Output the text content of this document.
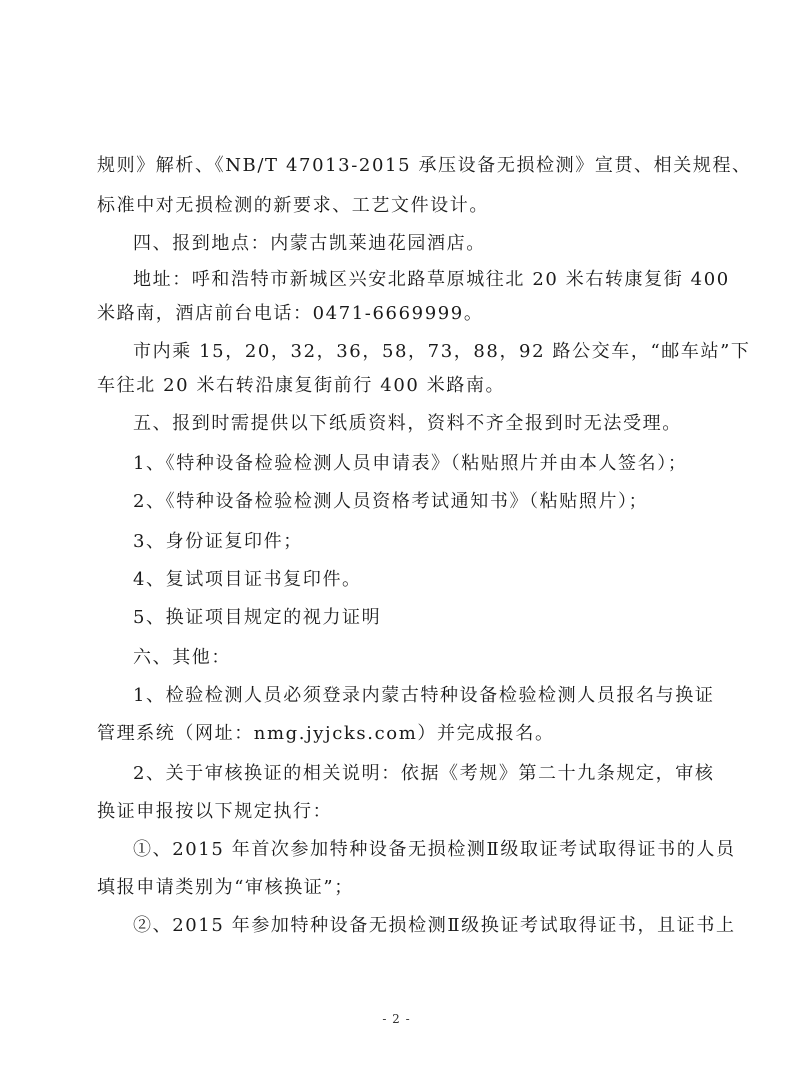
规则》解析、《NB/T 47013-2015 承压设备无损检测》宣贯、相关规程、
标准中对无损检测的新要求、工艺文件设计。
四、报到地点：内蒙古凯莱迪花园酒店。
地址：呼和浩特市新城区兴安北路草原城往北 20 米右转康复街 400
米路南，酒店前台电话：0471-6669999。
市内乘 15，20，32，36，58，73，88，92 路公交车，“邮车站”下
车往北 20 米右转沿康复街前行 400 米路南。
五、报到时需提供以下纸质资料，资料不齐全报到时无法受理。
1、《特种设备检验检测人员申请表》（粘贴照片并由本人签名）；
2、《特种设备检验检测人员资格考试通知书》（粘贴照片）；
3、身份证复印件；
4、复试项目证书复印件。
5、换证项目规定的视力证明
六、其他：
1、检验检测人员必须登录内蒙古特种设备检验检测人员报名与换证
管理系统（网址：nmg.jyjcks.com）并完成报名。
2、关于审核换证的相关说明：依据《考规》第二十九条规定，审核
换证申报按以下规定执行：
①、2015 年首次参加特种设备无损检测Ⅱ级取证考试取得证书的人员
填报申请类别为“审核换证”；
②、2015 年参加特种设备无损检测Ⅱ级换证考试取得证书，且证书上
- 2 -
